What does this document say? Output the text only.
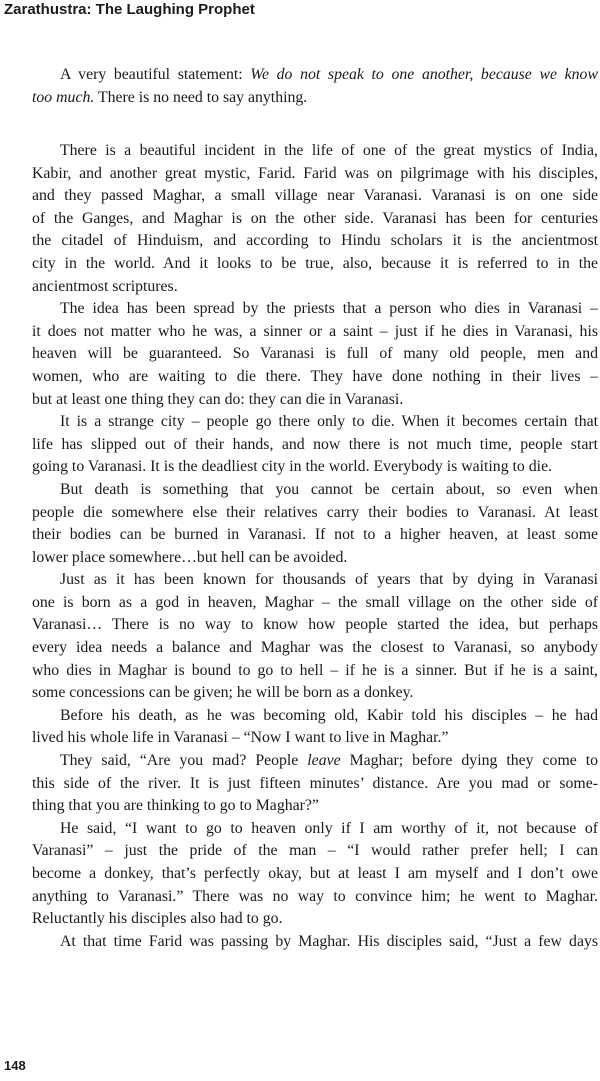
Zarathustra: The Laughing Prophet

A very beautiful statement: We do not speak to one another, because we know
too much. There is no need to say anything.

There is a beautiful incident in the life of one of the great mystics of India,
Kabir, and another great mystic, Farid. Farid was on pilgrimage with his disciples,
and they passed Maghar, a small village near Varanasi. Varanasi is on one side
of the Ganges, and Maghar is on the other side. Varanasi has been for centuries
the citadel of Hinduism, and according to Hindu scholars it is the ancientmost
city in the world. And it looks to be true, also, because it is referred to in the
ancientmost scriptures.

The idea has been spread by the priests that a person who dies in Varanasi –
it does not matter who he was, a sinner or a saint – just if he dies in Varanasi, his
heaven will be guaranteed. So Varanasi is full of many old people, men and
women, who are waiting to die there. They have done nothing in their lives –
but at least one thing they can do: they can die in Varanasi.

It is a strange city – people go there only to die. When it becomes certain that
life has slipped out of their hands, and now there is not much time, people start
going to Varanasi. It is the deadliest city in the world. Everybody is waiting to die.

But death is something that you cannot be certain about, so even when
people die somewhere else their relatives carry their bodies to Varanasi. At least
their bodies can be burned in Varanasi. If not to a higher heaven, at least some
lower place somewhere…but hell can be avoided.

Just as it has been known for thousands of years that by dying in Varanasi
one is born as a god in heaven, Maghar – the small village on the other side of
Varanasi… There is no way to know how people started the idea, but perhaps
every idea needs a balance and Maghar was the closest to Varanasi, so anybody
who dies in Maghar is bound to go to hell – if he is a sinner. But if he is a saint,
some concessions can be given; he will be born as a donkey.

Before his death, as he was becoming old, Kabir told his disciples – he had
lived his whole life in Varanasi – “Now I want to live in Maghar.”

They said, “Are you mad? People leave Maghar; before dying they come to
this side of the river. It is just fifteen minutes’ distance. Are you mad or some-
thing that you are thinking to go to Maghar?”

He said, “I want to go to heaven only if I am worthy of it, not because of
Varanasi” – just the pride of the man – “I would rather prefer hell; I can
become a donkey, that’s perfectly okay, but at least I am myself and I don’t owe
anything to Varanasi.” There was no way to convince him; he went to Maghar.
Reluctantly his disciples also had to go.

At that time Farid was passing by Maghar. His disciples said, “Just a few days

148
